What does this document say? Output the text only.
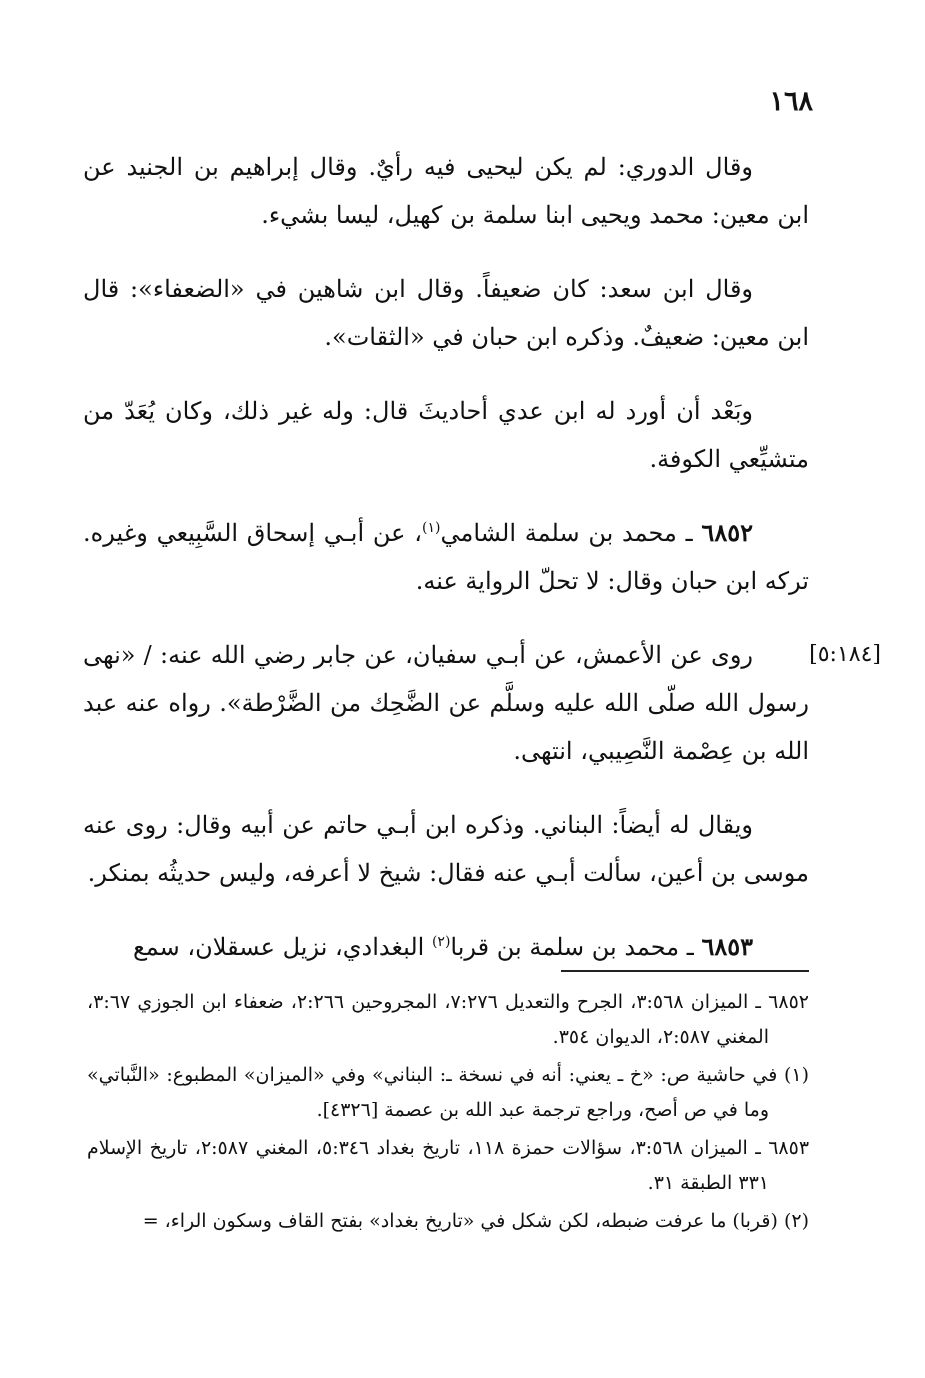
١٦٨

وقال الدوري: لم يكن ليحيى فيه رأيٌ. وقال إبراهيم بن الجنيد عن ابن معين: محمد ويحيى ابنا سلمة بن كهيل، ليسا بشيء.

وقال ابن سعد: كان ضعيفاً. وقال ابن شاهين في «الضعفاء»: قال ابن معين: ضعيفٌ. وذكره ابن حبان في «الثقات».

وبَعْد أن أورد له ابن عدي أحاديثَ قال: وله غير ذلك، وكان يُعَدّ من متشيِّعي الكوفة.

٦٨٥٢ ـ محمد بن سلمة الشامي$^{(١)}$، عن أبـي إسحاق السَّبِيعي وغيره. تركه ابن حبان وقال: لا تحلّ الرواية عنه.

[٥:١٨٤]
روى عن الأعمش، عن أبـي سفيان، عن جابر رضي الله عنه: / «نهى رسول الله صلّى الله عليه وسلَّم عن الضَّحِك من الضَّرْطة». رواه عنه عبد الله بن عِصْمة النَّصِيبي، انتهى.

ويقال له أيضاً: البناني. وذكره ابن أبـي حاتم عن أبيه وقال: روى عنه موسى بن أعين، سألت أبـي عنه فقال: شيخ لا أعرفه، وليس حديثُه بمنكر.

٦٨٥٣ ـ محمد بن سلمة بن قربا$^{(٢)}$ البغدادي، نزيل عسقلان، سمع

٦٨٥٢ ـ الميزان ٣:٥٦٨، الجرح والتعديل ٧:٢٧٦، المجروحين ٢:٢٦٦، ضعفاء ابن الجوزي ٣:٦٧، المغني ٢:٥٨٧، الديوان ٣٥٤.

(١) في حاشية ص: «خ ـ يعني: أنه في نسخة ـ: البناني» وفي «الميزان» المطبوع: «النَّباتي» وما في ص أصح، وراجع ترجمة عبد الله بن عصمة [٤٣٢٦].

٦٨٥٣ ـ الميزان ٣:٥٦٨، سؤالات حمزة ١١٨، تاريخ بغداد ٥:٣٤٦، المغني ٢:٥٨٧، تاريخ الإسلام ٣٣١ الطبقة ٣١.

(٢) (قربا) ما عرفت ضبطه، لكن شكل في «تاريخ بغداد» بفتح القاف وسكون الراء، =
